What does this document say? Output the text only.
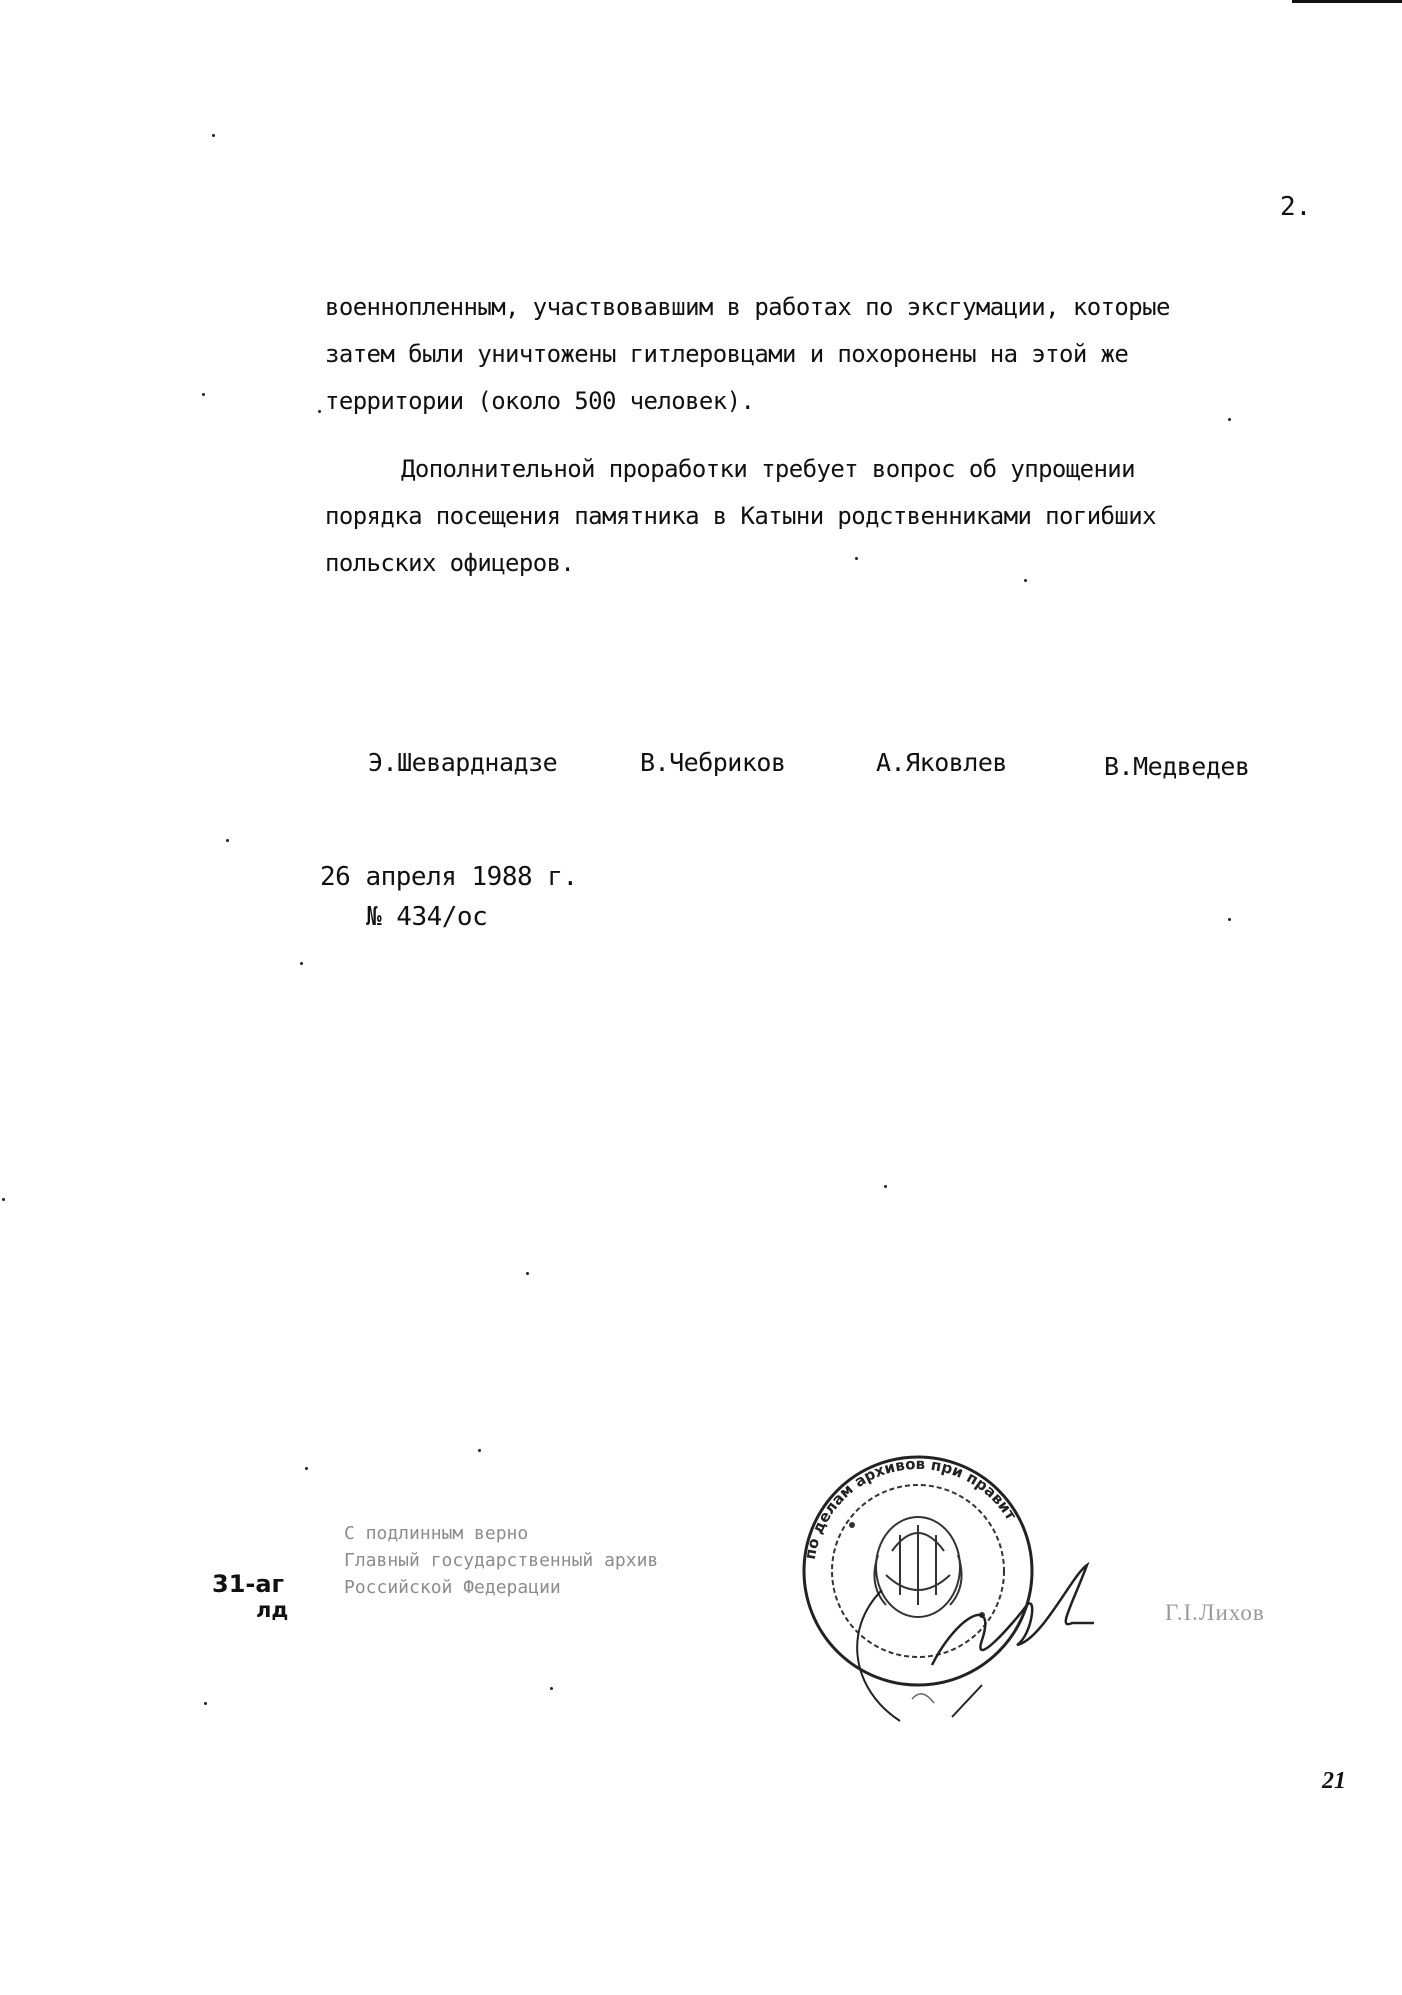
2.
военнопленным, участвовавшим в работах по эксгумации, которые
затем были уничтожены гитлеровцами и похоронены на этой же
территории (около 500 человек).
Дополнительной проработки требует вопрос об упрощении
порядка посещения памятника в Катыни родственниками погибших
польских офицеров.
Э.Шеварднадзе	В.Чебриков	А.Яковлев	В.Медведев
26 апреля 1988 г.
№ 434/ос
31-аг
лд
С подлинным верно
Главный государственный архив
Российской Федерации
по делам архивов при правит
Г.І.Лихов
21
